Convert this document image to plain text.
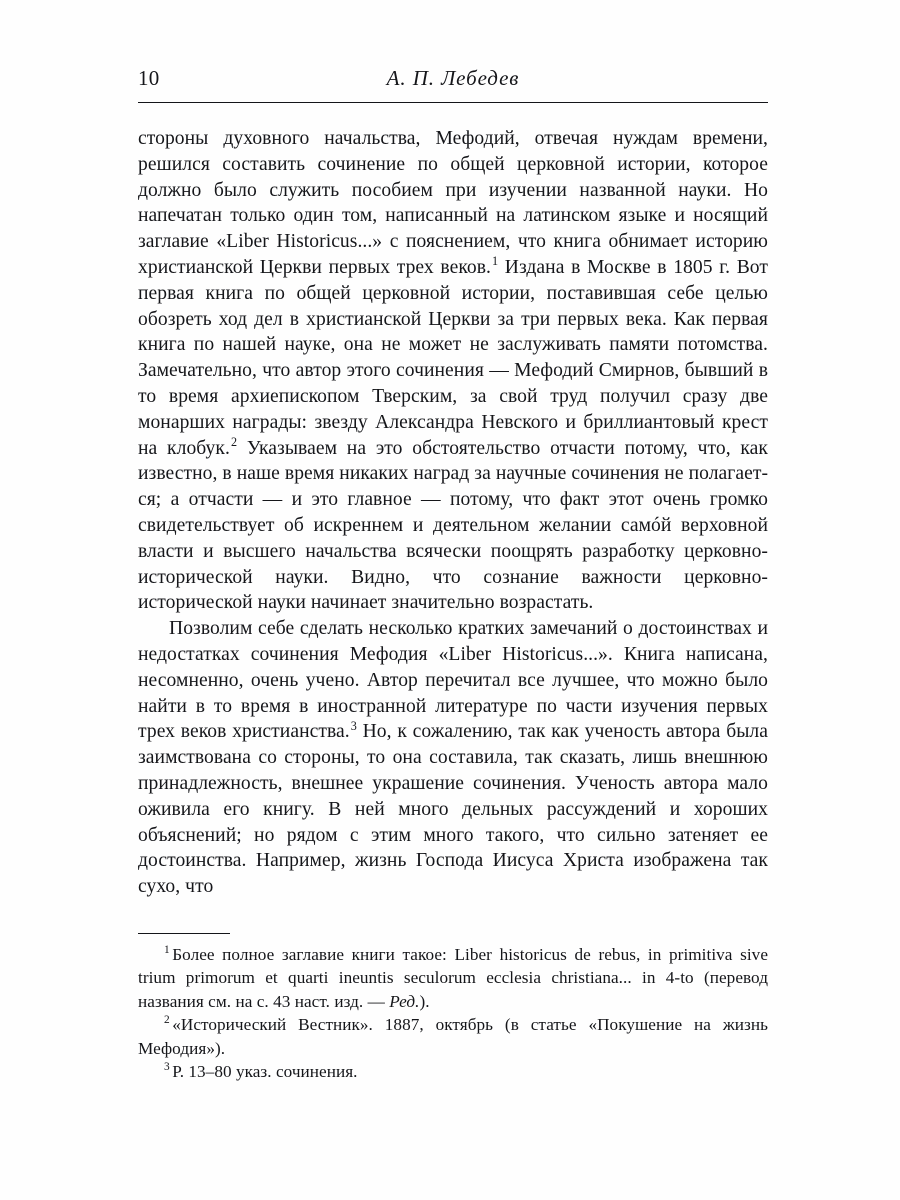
10	А. П. Лебедев

стороны духовного начальства, Мефодий, отвечая нуждам времени, решился составить сочинение по общей церковной истории, которое должно было служить пособием при изучении названной науки. Но напечатан только один том, написанный на латинском языке и носящий заглавие «Liber Historicus...» с пояснением, что книга обнимает историю христианской Церкви первых трех веков.$^1$ Издана в Москве в 1805 г. Вот первая книга по общей церковной истории, поставившая себе целью обозреть ход дел в христианской Церкви за три первых века. Как первая книга по нашей науке, она не может не заслуживать памяти потомства. Замечательно, что автор этого сочинения — Мефодий Смирнов, бывший в то время архиепископом Тверским, за свой труд получил сразу две монарших награды: звезду Александра Невского и бриллиантовый крест на клобук.$^2$ Указываем на это обстоятельство отчасти потому, что, как известно, в наше время никаких наград за научные сочинения не полагается; а отчасти — и это главное — потому, что факт этот очень громко свидетельствует об искреннем и деятельном желании самóй верховной власти и высшего начальства всячески поощрять разработку церковно-исторической науки. Видно, что сознание важности церковно-исторической науки начинает значительно возрастать.

Позволим себе сделать несколько кратких замечаний о достоинствах и недостатках сочинения Мефодия «Liber Historicus...». Книга написана, несомненно, очень учено. Автор перечитал все лучшее, что можно было найти в то время в иностранной литературе по части изучения первых трех веков христианства.$^3$ Но, к сожалению, так как ученость автора была заимствована со стороны, то она составила, так сказать, лишь внешнюю принадлежность, внешнее украшение сочинения. Ученость автора мало оживила его книгу. В ней много дельных рассуждений и хороших объяснений; но рядом с этим много такого, что сильно затеняет ее достоинства. Например, жизнь Господа Иисуса Христа изображена так сухо, что

$^1$ Более полное заглавие книги такое: Liber historicus de rebus, in primitiva sive trium primorum et quarti ineuntis seculorum ecclesia christiana... in 4-to (перевод названия см. на с. 43 наст. изд. — Ред.).

$^2$ «Исторический Вестник». 1887, октябрь (в статье «Покушение на жизнь Мефодия»).

$^3$ Р. 13–80 указ. сочинения.
